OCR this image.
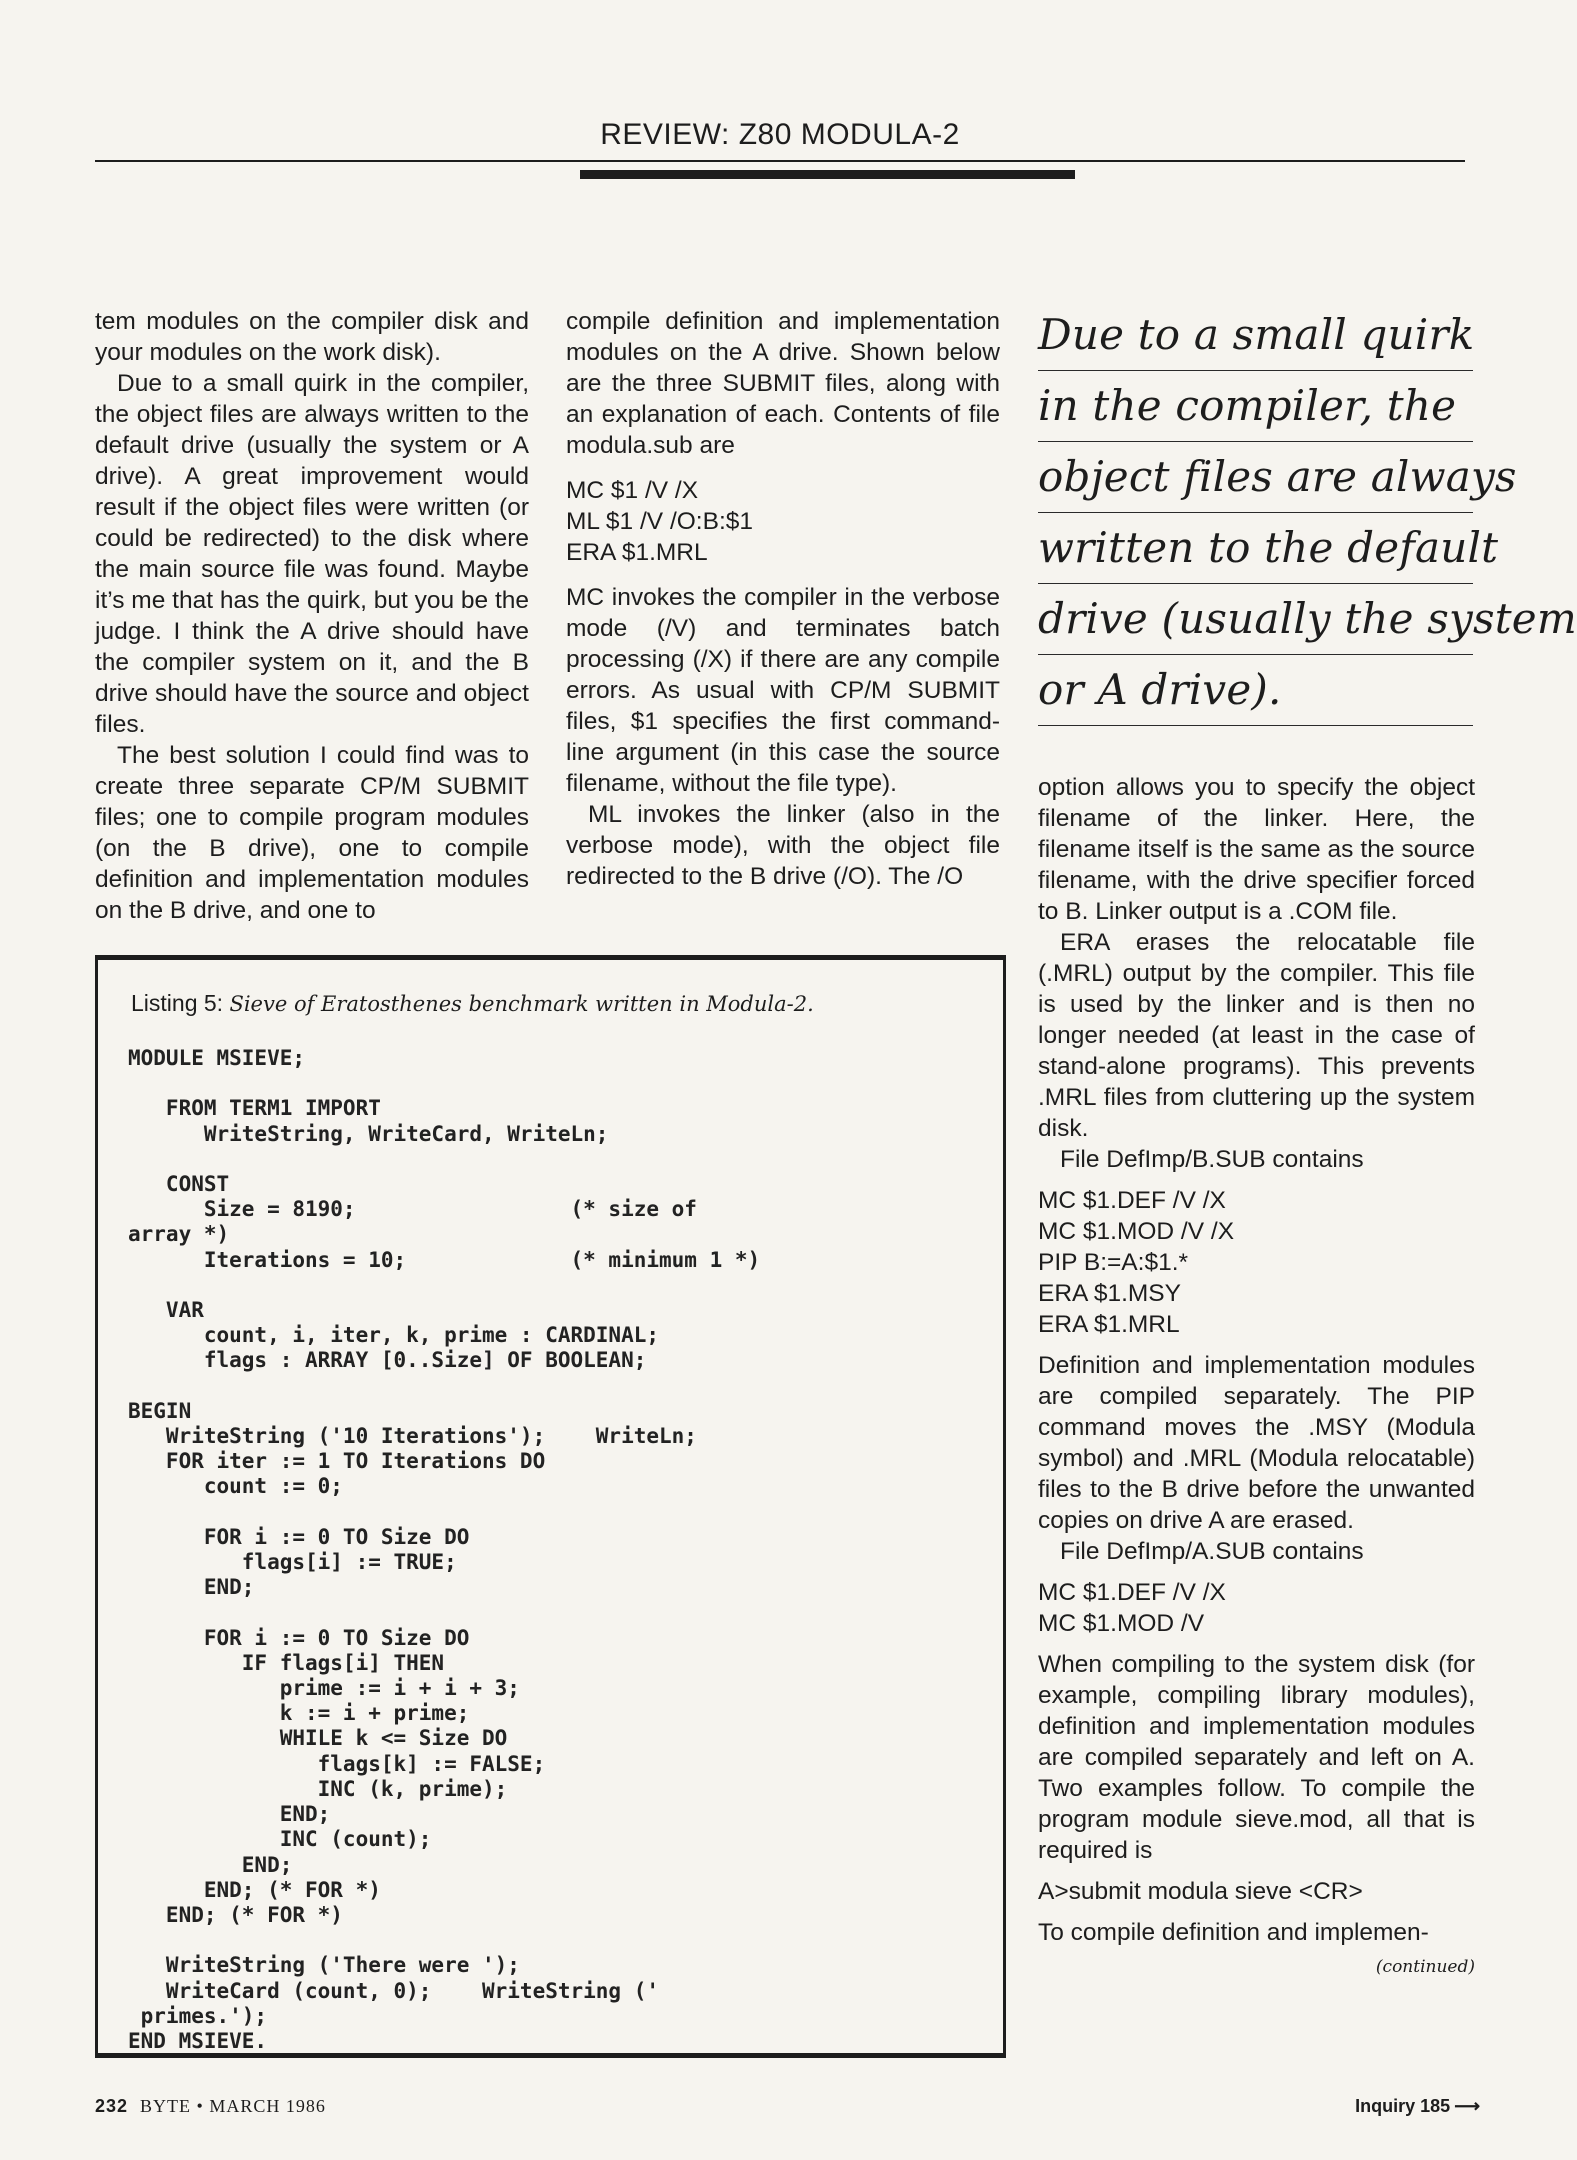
REVIEW: Z80 MODULA-2

tem modules on the compiler disk and your modules on the work disk).

Due to a small quirk in the compiler, the object files are always written to the default drive (usually the system or A drive). A great improvement would result if the object files were written (or could be redirected) to the disk where the main source file was found. Maybe it’s me that has the quirk, but you be the judge. I think the A drive should have the compiler system on it, and the B drive should have the source and object files.

The best solution I could find was to create three separate CP/M SUBMIT files; one to compile program modules (on the B drive), one to compile definition and implementation modules on the B drive, and one to

compile definition and implementation modules on the A drive. Shown below are the three SUBMIT files, along with an explanation of each. Contents of file modula.sub are

MC $1 /V /X
ML $1 /V /O:B:$1
ERA $1.MRL

MC invokes the compiler in the verbose mode (/V) and terminates batch processing (/X) if there are any compile errors. As usual with CP/M SUBMIT files, $1 specifies the first command-line argument (in this case the source filename, without the file type).

ML invokes the linker (also in the verbose mode), with the object file redirected to the B drive (/O). The /O

Due to a small quirk
in the compiler, the
object files are always
written to the default
drive (usually the system
or A drive).

option allows you to specify the object filename of the linker. Here, the filename itself is the same as the source filename, with the drive specifier forced to B. Linker output is a .COM file.

ERA erases the relocatable file (.MRL) output by the compiler. This file is used by the linker and is then no longer needed (at least in the case of stand-alone programs). This prevents .MRL files from cluttering up the system disk.

File DefImp/B.SUB contains

MC $1.DEF /V /X
MC $1.MOD /V /X
PIP B:=A:$1.*
ERA $1.MSY
ERA $1.MRL

Definition and implementation modules are compiled separately. The PIP command moves the .MSY (Modula symbol) and .MRL (Modula relocatable) files to the B drive before the unwanted copies on drive A are erased.

File DefImp/A.SUB contains

MC $1.DEF /V /X
MC $1.MOD /V

When compiling to the system disk (for example, compiling library modules), definition and implementation modules are compiled separately and left on A. Two examples follow. To compile the program module sieve.mod, all that is required is

A>submit modula sieve <CR>

To compile definition and implemen-

(continued)
Listing 5: Sieve of Eratosthenes benchmark written in Modula-2.
MODULE MSIEVE;

FROM TERM1 IMPORT
WriteString, WriteCard, WriteLn;

CONST
Size = 8190;                 (* size of
array *)
Iterations = 10;             (* minimum 1 *)

VAR
count, i, iter, k, prime : CARDINAL;
flags : ARRAY [0..Size] OF BOOLEAN;

BEGIN
WriteString ('10 Iterations');    WriteLn;
FOR iter := 1 TO Iterations DO
count := 0;

FOR i := 0 TO Size DO
flags[i] := TRUE;
END;

FOR i := 0 TO Size DO
IF flags[i] THEN
prime := i + i + 3;
k := i + prime;
WHILE k <= Size DO
flags[k] := FALSE;
INC (k, prime);
END;
INC (count);
END;
END; (* FOR *)
END; (* FOR *)

WriteString ('There were ');
WriteCard (count, 0);    WriteString ('
primes.');
END MSIEVE.
232 BYTE • MARCH 1986	Inquiry 185 ⟶
